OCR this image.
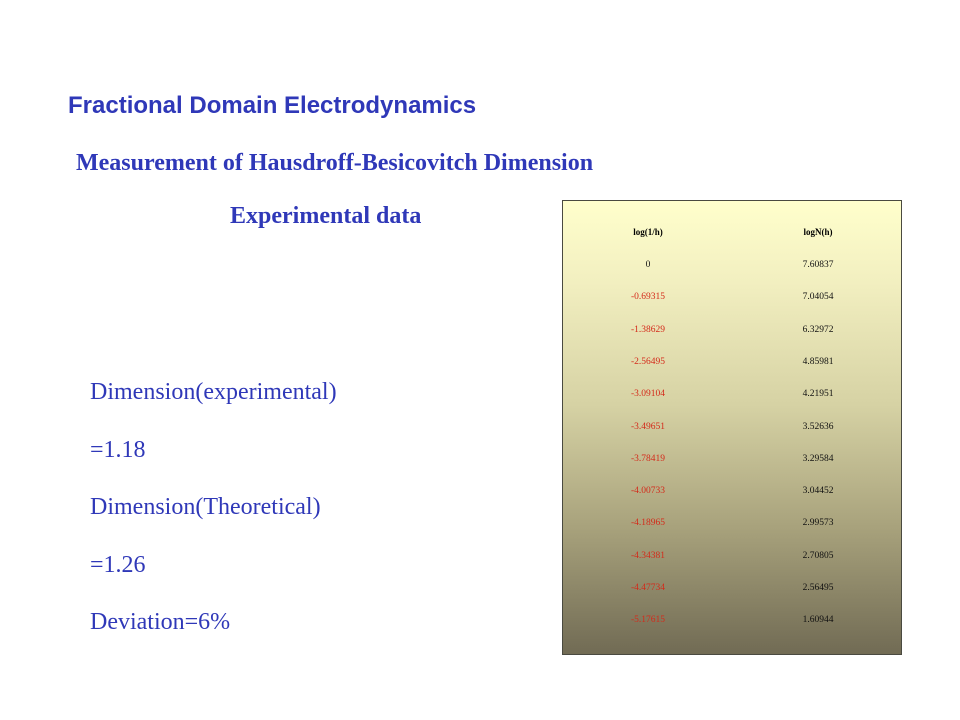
Fractional Domain Electrodynamics
Measurement of Hausdroff-Besicovitch Dimension
Experimental data
Dimension(experimental)
=1.18
Dimension(Theoretical)
=1.26
Deviation=6%
log(1/h)	logN(h)
0	7.60837
-0.69315	7.04054
-1.38629	6.32972
-2.56495	4.85981
-3.09104	4.21951
-3.49651	3.52636
-3.78419	3.29584
-4.00733	3.04452
-4.18965	2.99573
-4.34381	2.70805
-4.47734	2.56495
-5.17615	1.60944
